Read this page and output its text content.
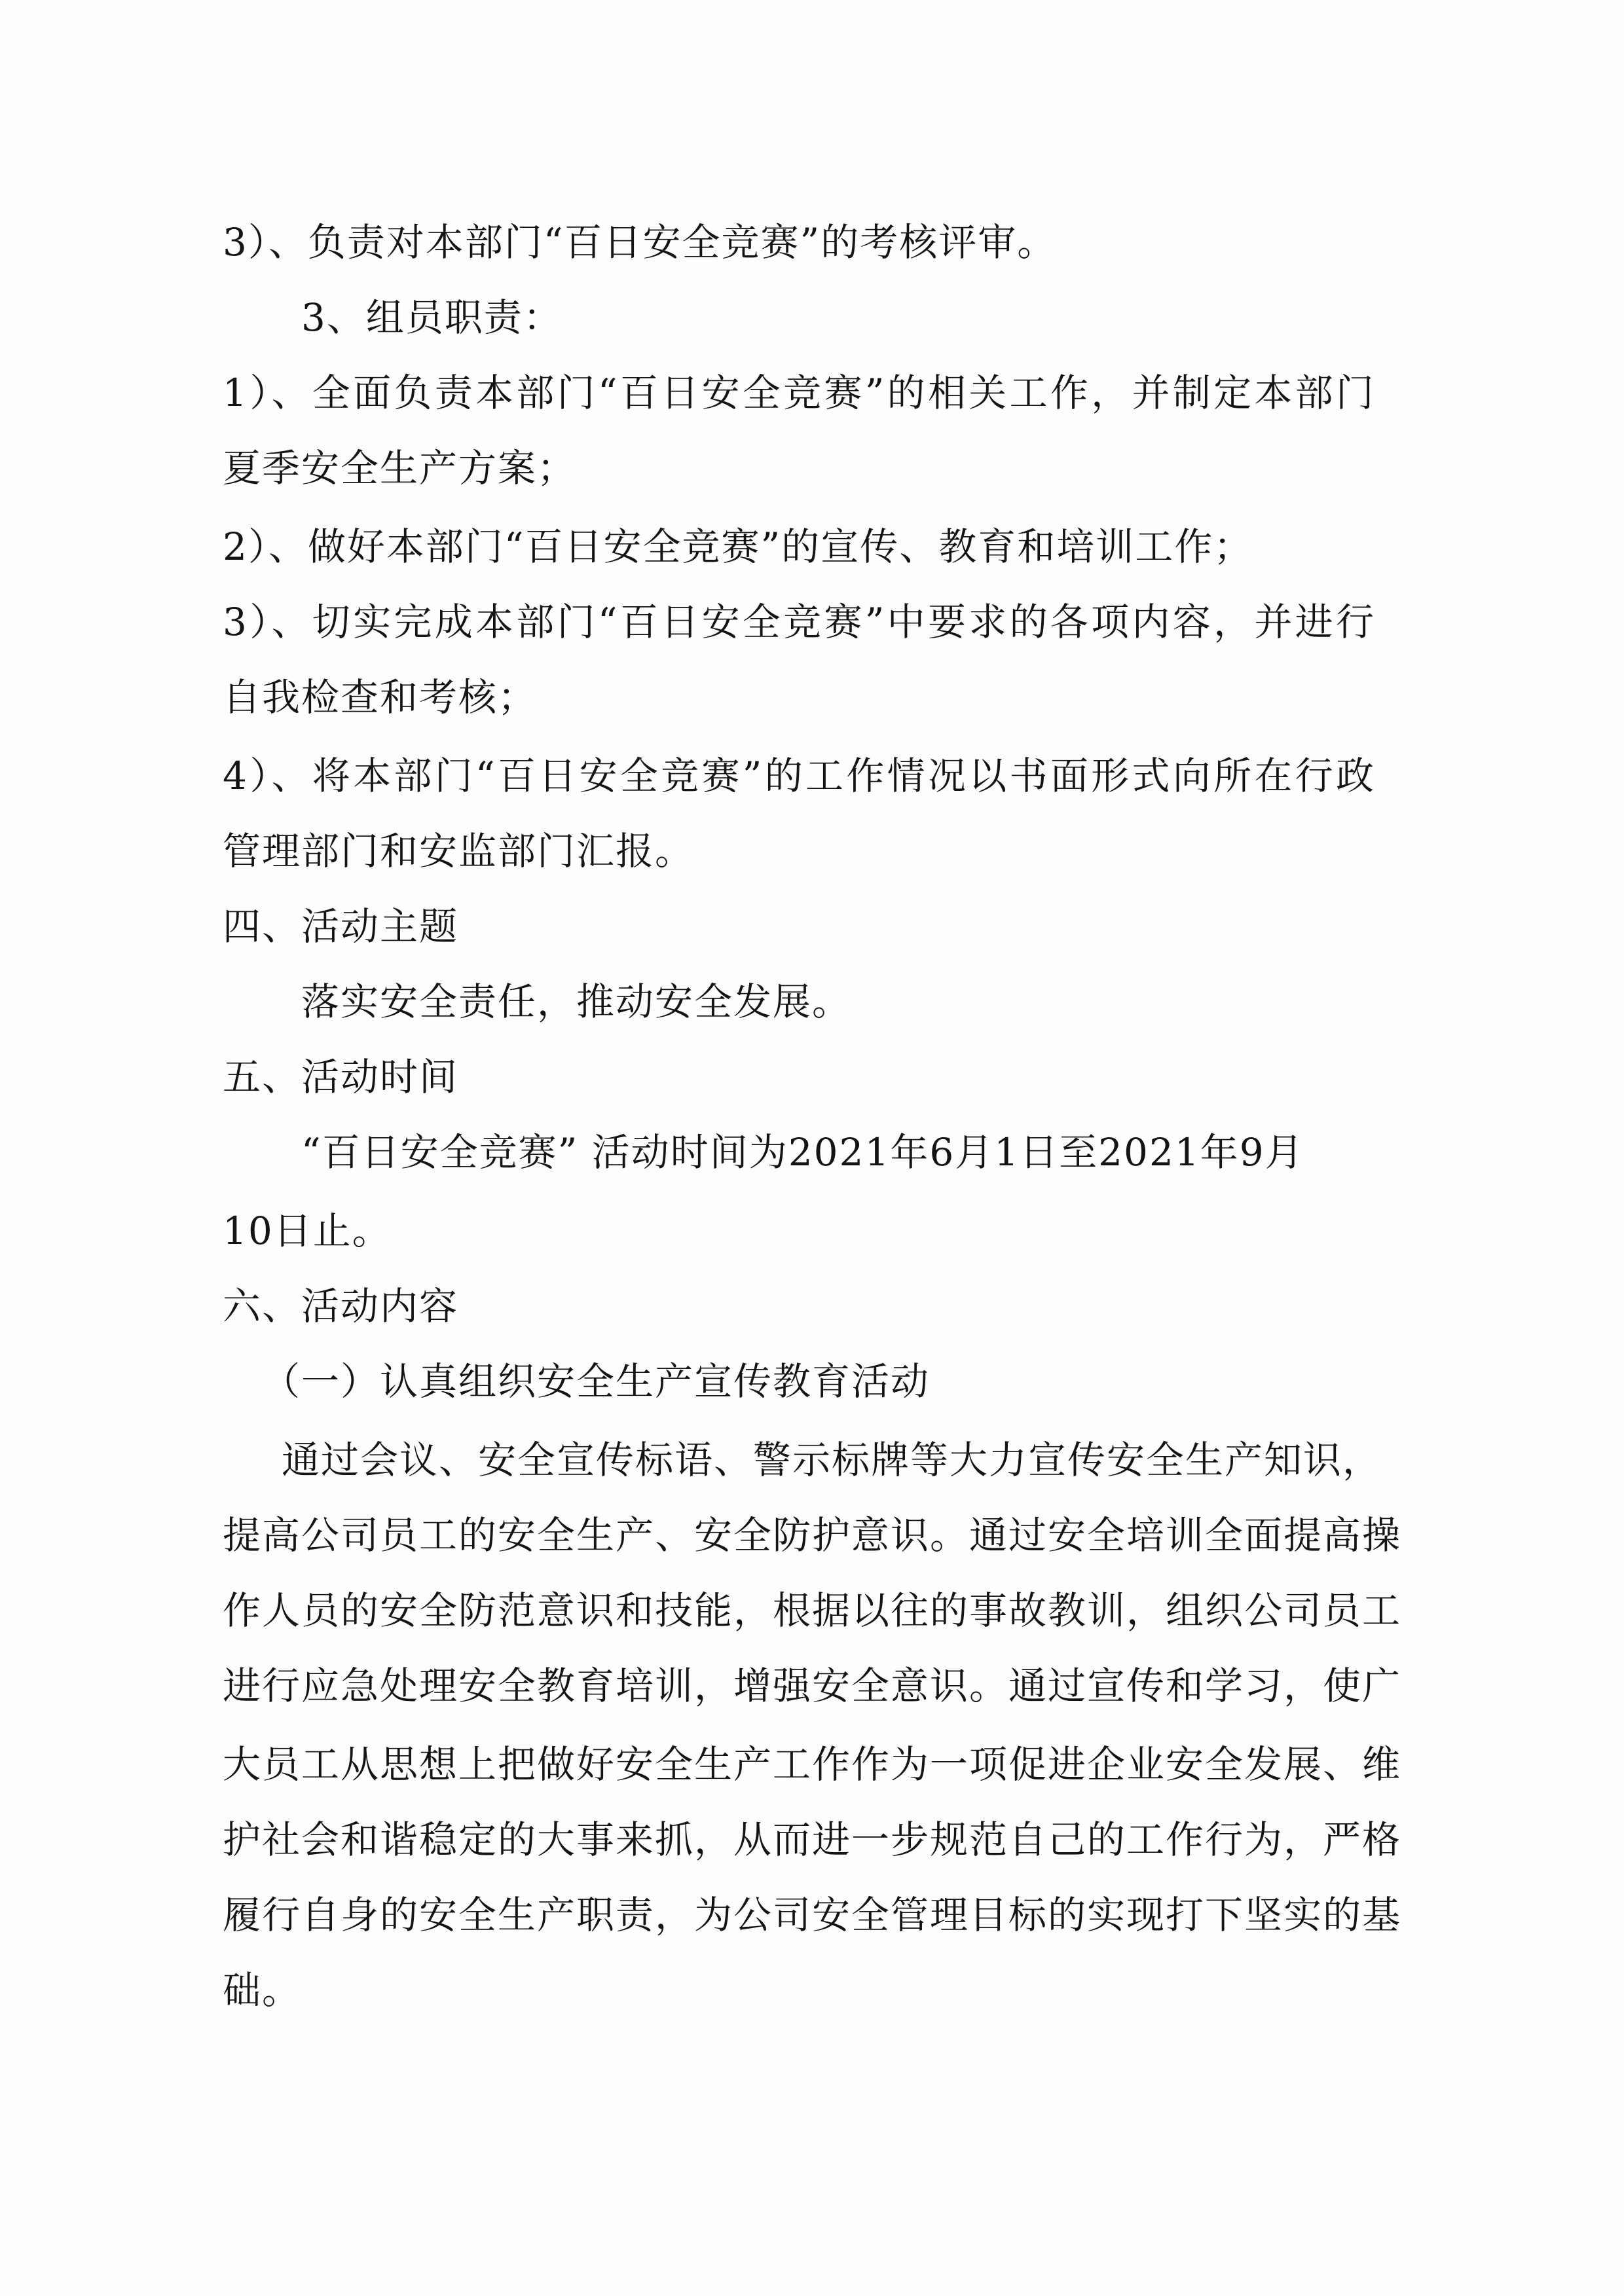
3）、负责对本部门“百日安全竞赛”的考核评审。

3、组员职责：

1）、全面负责本部门“百日安全竞赛”的相关工作，并制定本部门

夏季安全生产方案；

2）、做好本部门“百日安全竞赛”的宣传、教育和培训工作；

3）、切实完成本部门“百日安全竞赛”中要求的各项内容，并进行

自我检查和考核；

4）、将本部门“百日安全竞赛”的工作情况以书面形式向所在行政

管理部门和安监部门汇报。

四、活动主题

落实安全责任，推动安全发展。

五、活动时间

“百日安全竞赛” 活动时间为2021年6月1日至2021年9月

10日止。

六、活动内容

（一）认真组织安全生产宣传教育活动

通过会议、安全宣传标语、警示标牌等大力宣传安全生产知识，

提高公司员工的安全生产、安全防护意识。通过安全培训全面提高操

作人员的安全防范意识和技能，根据以往的事故教训，组织公司员工

进行应急处理安全教育培训，增强安全意识。通过宣传和学习，使广

大员工从思想上把做好安全生产工作作为一项促进企业安全发展、维

护社会和谐稳定的大事来抓，从而进一步规范自己的工作行为，严格

履行自身的安全生产职责，为公司安全管理目标的实现打下坚实的基

础。
